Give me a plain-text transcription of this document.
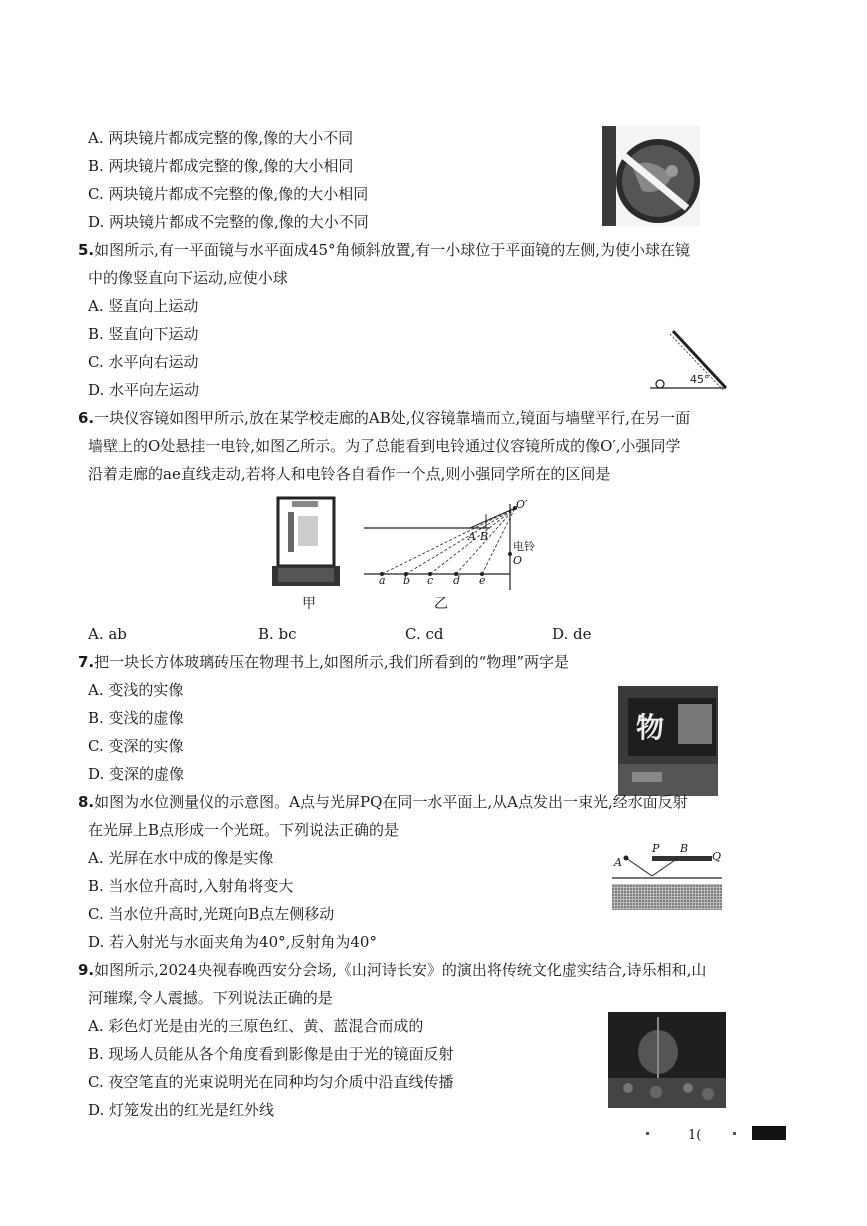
A. 两块镜片都成完整的像,像的大小不同
B. 两块镜片都成完整的像,像的大小相同
C. 两块镜片都成不完整的像,像的大小相同
D. 两块镜片都成不完整的像,像的大小不同
5.如图所示,有一平面镜与水平面成45°角倾斜放置,有一小球位于平面镜的左侧,为使小球在镜
中的像竖直向下运动,应使小球
A. 竖直向上运动
B. 竖直向下运动
C. 水平向右运动
D. 水平向左运动
45°
6.一块仪容镜如图甲所示,放在某学校走廊的AB处,仪容镜靠墙而立,镜面与墙壁平行,在另一面
墙壁上的O处悬挂一电铃,如图乙所示。为了总能看到电铃通过仪容镜所成的像O′,小强同学
沿着走廊的ae直线走动,若将人和电铃各自看作一个点,则小强同学所在的区间是
甲
O′
A B
电铃
O
a b c d e
乙
A. ab	B. bc	C. cd	D. de
7.把一块长方体玻璃砖压在物理书上,如图所示,我们所看到的“物理”两字是
A. 变浅的实像
B. 变浅的虚像
C. 变深的实像
D. 变深的虚像
物
8.如图为水位测量仪的示意图。A点与光屏PQ在同一水平面上,从A点发出一束光,经水面反射
在光屏上B点形成一个光斑。下列说法正确的是
A. 光屏在水中成的像是实像
B. 当水位升高时,入射角将变大
C. 当水位升高时,光斑向B点左侧移动
D. 若入射光与水面夹角为40°,反射角为40°
A
P B
Q
9.如图所示,2024央视春晚西安分会场,《山河诗长安》的演出将传统文化虚实结合,诗乐相和,山
河璀璨,令人震撼。下列说法正确的是
A. 彩色灯光是由光的三原色红、黄、蓝混合而成的
B. 现场人员能从各个角度看到影像是由于光的镜面反射
C. 夜空笔直的光束说明光在同种均匀介质中沿直线传播
D. 灯笼发出的红光是红外线
1(
